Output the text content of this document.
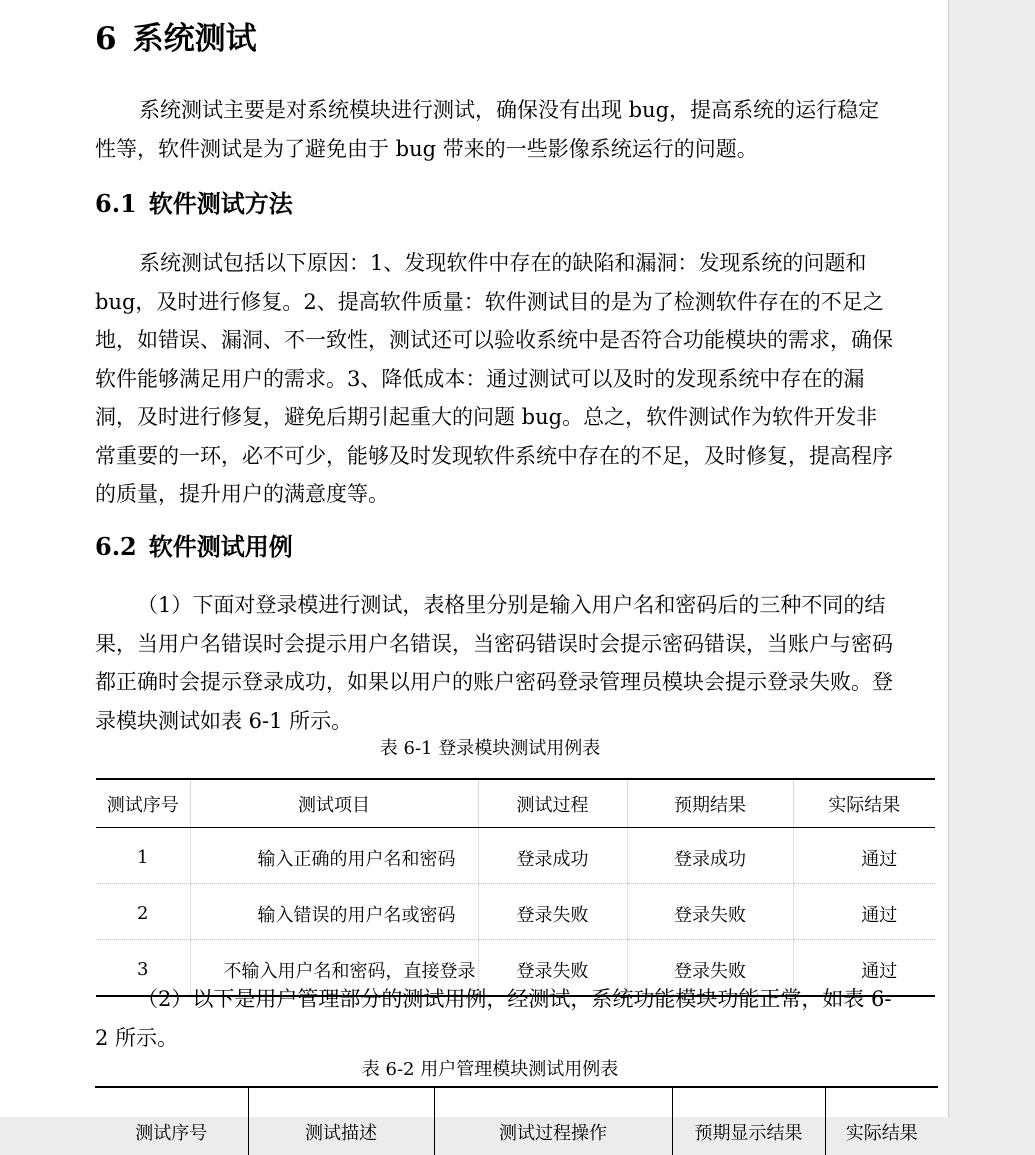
6 系统测试

系统测试主要是对系统模块进行测试，确保没有出现 bug，提高系统的运行稳定性等，软件测试是为了避免由于 bug 带来的一些影像系统运行的问题。

6.1 软件测试方法

系统测试包括以下原因：1、发现软件中存在的缺陷和漏洞：发现系统的问题和 bug，及时进行修复。2、提高软件质量：软件测试目的是为了检测软件存在的不足之地，如错误、漏洞、不一致性，测试还可以验收系统中是否符合功能模块的需求，确保软件能够满足用户的需求。3、降低成本：通过测试可以及时的发现系统中存在的漏洞，及时进行修复，避免后期引起重大的问题 bug。总之，软件测试作为软件开发非常重要的一环，必不可少，能够及时发现软件系统中存在的不足，及时修复，提高程序的质量，提升用户的满意度等。

6.2 软件测试用例

（1）下面对登录模进行测试，表格里分别是输入用户名和密码后的三种不同的结果，当用户名错误时会提示用户名错误，当密码错误时会提示密码错误，当账户与密码都正确时会提示登录成功，如果以用户的账户密码登录管理员模块会提示登录失败。登录模块测试如表 6-1 所示。

表 6-1 登录模块测试用例表
测试序号	测试项目	测试过程	预期结果	实际结果
1	输入正确的用户名和密码	登录成功	登录成功	通过
2	输入错误的用户名或密码	登录失败	登录失败	通过
3	不输入用户名和密码，直接登录	登录失败	登录失败	通过

（2）以下是用户管理部分的测试用例，经测试，系统功能模块功能正常，如表 6-2 所示。

表 6-2 用户管理模块测试用例表
测试序号	测试描述	测试过程操作	预期显示结果	实际结果
